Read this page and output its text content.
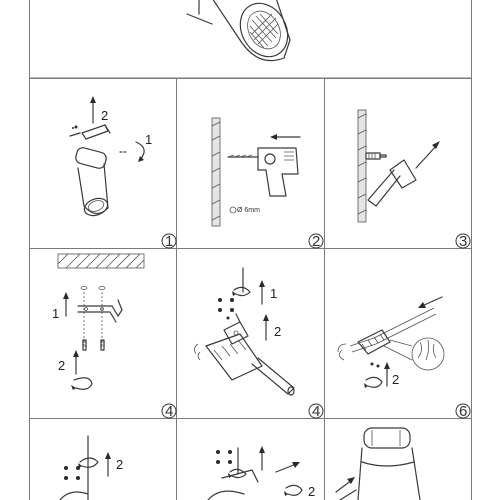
2
1
1
Ø 6mm
2	3
1
2
4
1
2
4
2
6
2
2
